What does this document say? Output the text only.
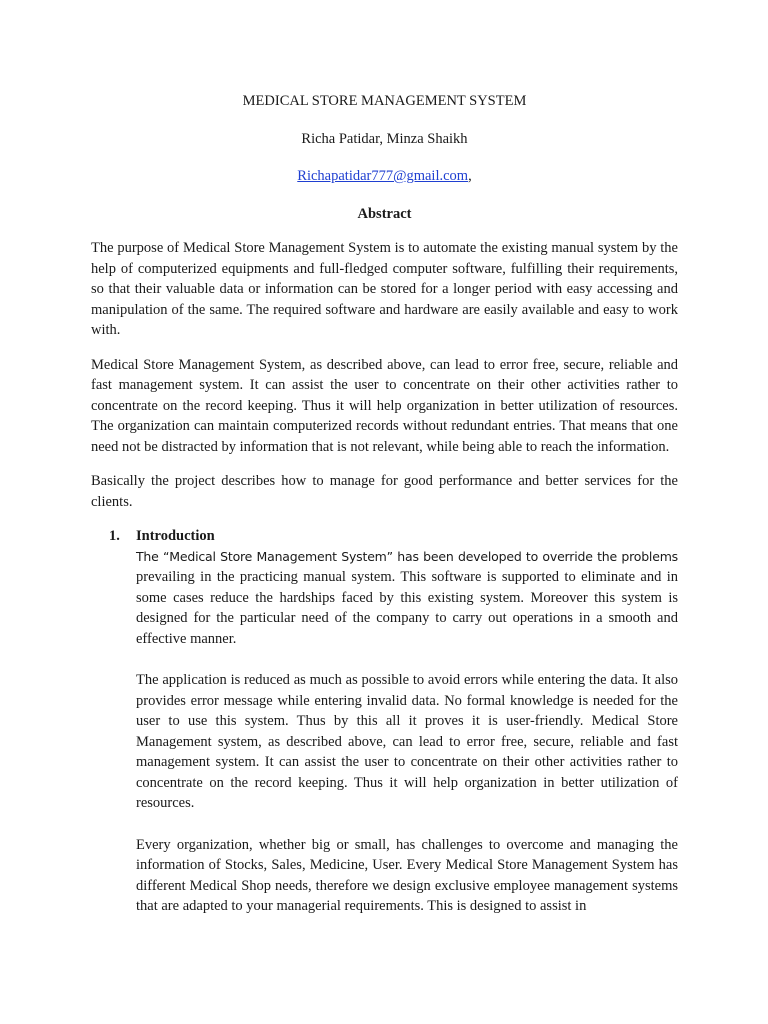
MEDICAL STORE MANAGEMENT SYSTEM

Richa Patidar, Minza Shaikh

Richapatidar777@gmail.com,

Abstract

The purpose of Medical Store Management System is to automate the existing manual system by the help of computerized equipments and full-fledged computer software, fulfilling their requirements, so that their valuable data or information can be stored for a longer period with easy accessing and manipulation of the same. The required software and hardware are easily available and easy to work with.

Medical Store Management System, as described above, can lead to error free, secure, reliable and fast management system. It can assist the user to concentrate on their other activities rather to concentrate on the record keeping. Thus it will help organization in better utilization of resources. The organization can maintain computerized records without redundant entries. That means that one need not be distracted by information that is not relevant, while being able to reach the information.

Basically the project describes how to manage for good performance and better services for the clients.

1. Introduction

The “Medical Store Management System” has been developed to override the problems prevailing in the practicing manual system. This software is supported to eliminate and in some cases reduce the hardships faced by this existing system. Moreover this system is designed for the particular need of the company to carry out operations in a smooth and effective manner.

The application is reduced as much as possible to avoid errors while entering the data. It also provides error message while entering invalid data. No formal knowledge is needed for the user to use this system. Thus by this all it proves it is user-friendly. Medical Store Management system, as described above, can lead to error free, secure, reliable and fast management system. It can assist the user to concentrate on their other activities rather to concentrate on the record keeping. Thus it will help organization in better utilization of resources.

Every organization, whether big or small, has challenges to overcome and managing the information of Stocks, Sales, Medicine, User. Every Medical Store Management System has different Medical Shop needs, therefore we design exclusive employee management systems that are adapted to your managerial requirements. This is designed to assist in
